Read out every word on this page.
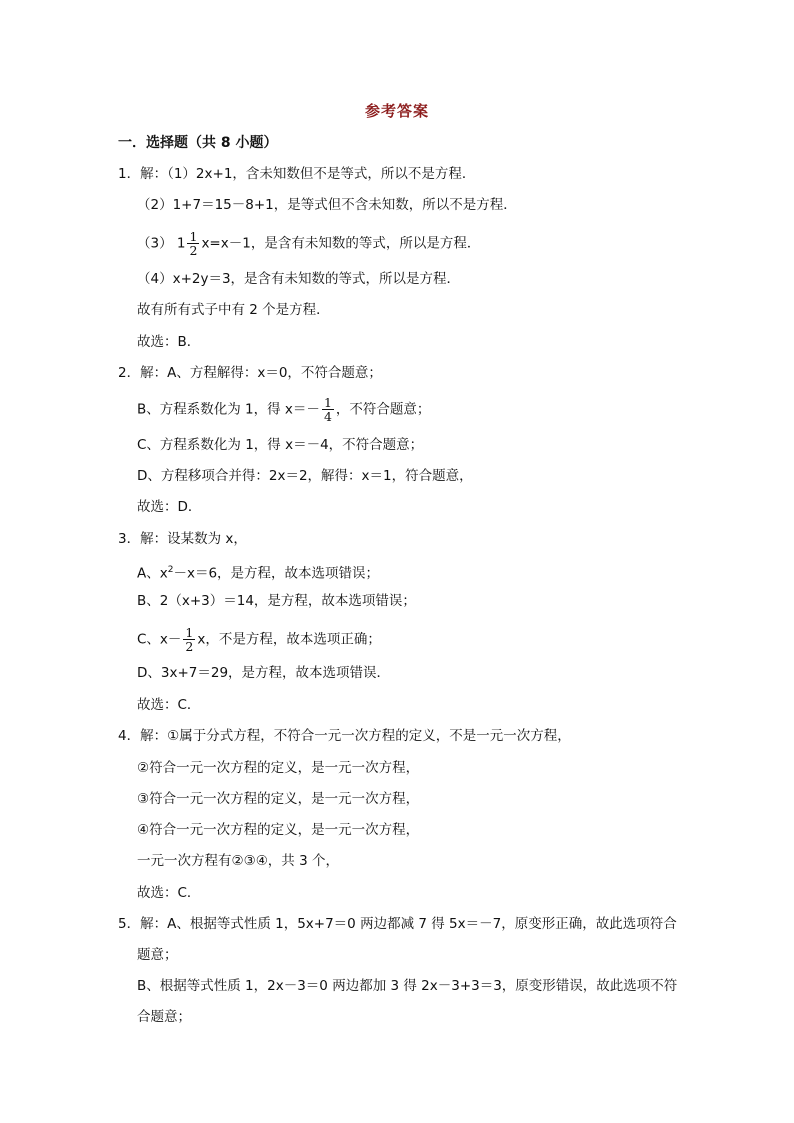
参考答案
一．选择题（共 8 小题）
1．解：（1）2x+1，含未知数但不是等式，所以不是方程．
（2）1+7＝15－8+1，是等式但不含未知数，所以不是方程．
（3） $1 \frac{1}{2} x=x-1$，是含有未知数的等式，所以是方程．
（4）x+2y＝3，是含有未知数的等式，所以是方程．
故有所有式子中有 2 个是方程．
故选：B．
2．解：A、方程解得：x＝0，不符合题意；
B、方程系数化为 1，得 $x=- \frac{1}{4}$ ，不符合题意；
C、方程系数化为 1，得 x＝－4，不符合题意；
D、方程移项合并得：2x＝2，解得：x＝1，符合题意，
故选：D．
3．解：设某数为 x，
A、$x^2-x=6$，是方程，故本选项错误；
B、2（x+3）＝14，是方程，故本选项错误；
C、$x- \frac{1}{2}$ x，不是方程，故本选项正确；
D、3x+7＝29，是方程，故本选项错误．
故选：C．
4．解：①属于分式方程，不符合一元一次方程的定义，不是一元一次方程，
②符合一元一次方程的定义，是一元一次方程，
③符合一元一次方程的定义，是一元一次方程，
④符合一元一次方程的定义，是一元一次方程，
一元一次方程有②③④，共 3 个，
故选：C．
5．解：A、根据等式性质 1，5x+7＝0 两边都减 7 得 5x＝－7，原变形正确，故此选项符合
题意；
B、根据等式性质 1，2x－3＝0 两边都加 3 得 2x－3+3＝3，原变形错误，故此选项不符
合题意；
